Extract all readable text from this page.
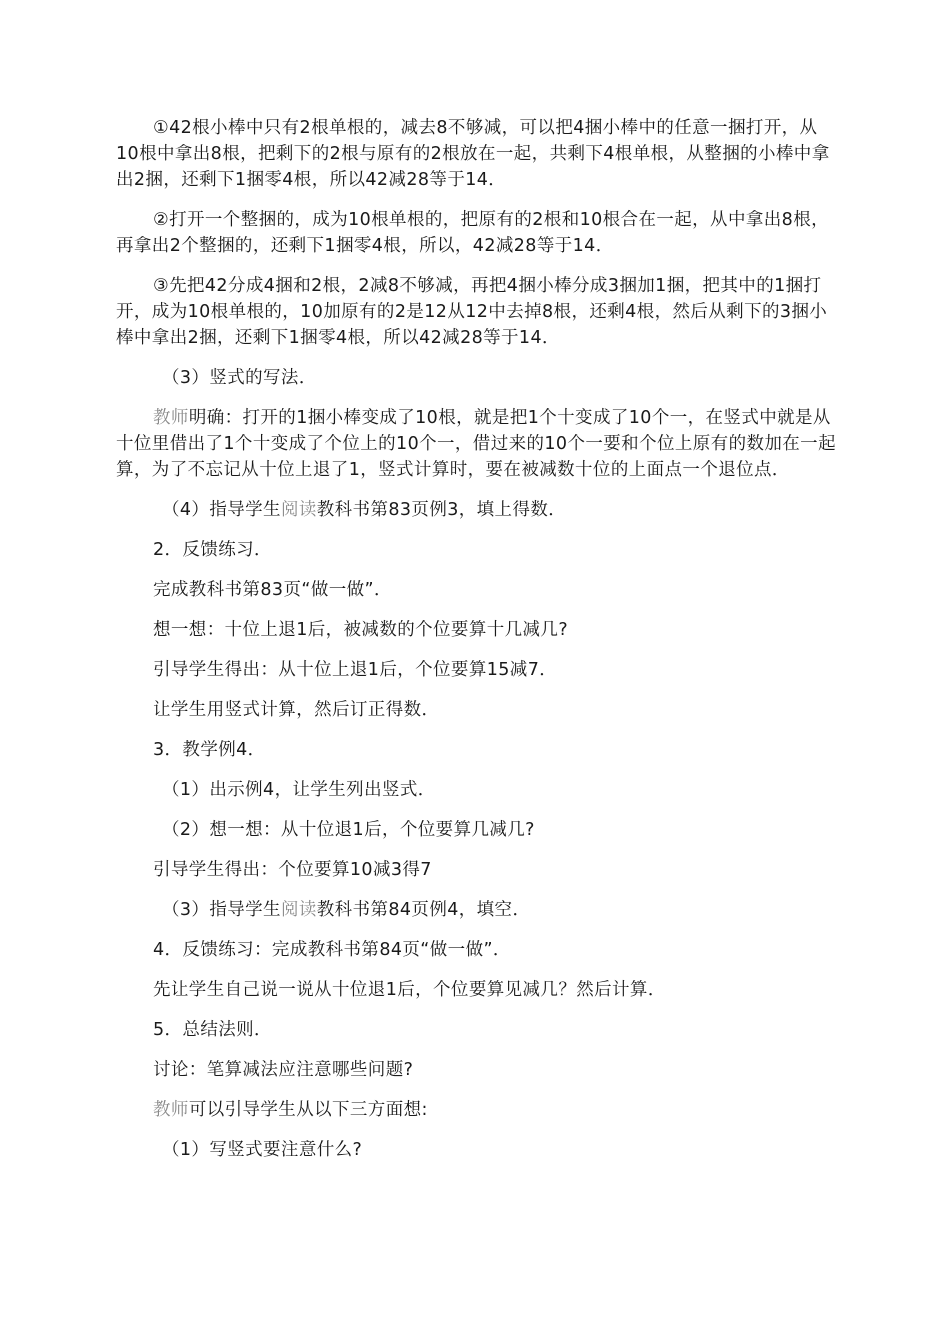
①42根小棒中只有2根单根的，减去8不够减，可以把4捆小棒中的任意一捆打开，从10根中拿出8根，把剩下的2根与原有的2根放在一起，共剩下4根单根，从整捆的小棒中拿出2捆，还剩下1捆零4根，所以42减28等于14．

②打开一个整捆的，成为10根单根的，把原有的2根和10根合在一起，从中拿出8根，再拿出2个整捆的，还剩下1捆零4根，所以，42减28等于14．

③先把42分成4捆和2根，2减8不够减，再把4捆小棒分成3捆加1捆，把其中的1捆打开，成为10根单根的，10加原有的2是12从12中去掉8根，还剩4根，然后从剩下的3捆小棒中拿出2捆，还剩下1捆零4根，所以42减28等于14．

（3）竖式的写法．

教师明确：打开的1捆小棒变成了10根，就是把1个十变成了10个一，在竖式中就是从十位里借出了1个十变成了个位上的10个一，借过来的10个一要和个位上原有的数加在一起算，为了不忘记从十位上退了1，竖式计算时，要在被减数十位的上面点一个退位点．

（4）指导学生阅读教科书第83页例3，填上得数．

2．反馈练习．

完成教科书第83页“做一做”．

想一想：十位上退1后，被减数的个位要算十几减几?

引导学生得出：从十位上退1后，个位要算15减7．

让学生用竖式计算，然后订正得数．

3．教学例4．

（1）出示例4，让学生列出竖式．

（2）想一想：从十位退1后，个位要算几减几?

引导学生得出：个位要算10减3得7

（3）指导学生阅读教科书第84页例4，填空．

4．反馈练习：完成教科书第84页“做一做”．

先让学生自己说一说从十位退1后，个位要算见减几？然后计算．

5．总结法则．

讨论：笔算减法应注意哪些问题?

教师可以引导学生从以下三方面想:

（1）写竖式要注意什么?
